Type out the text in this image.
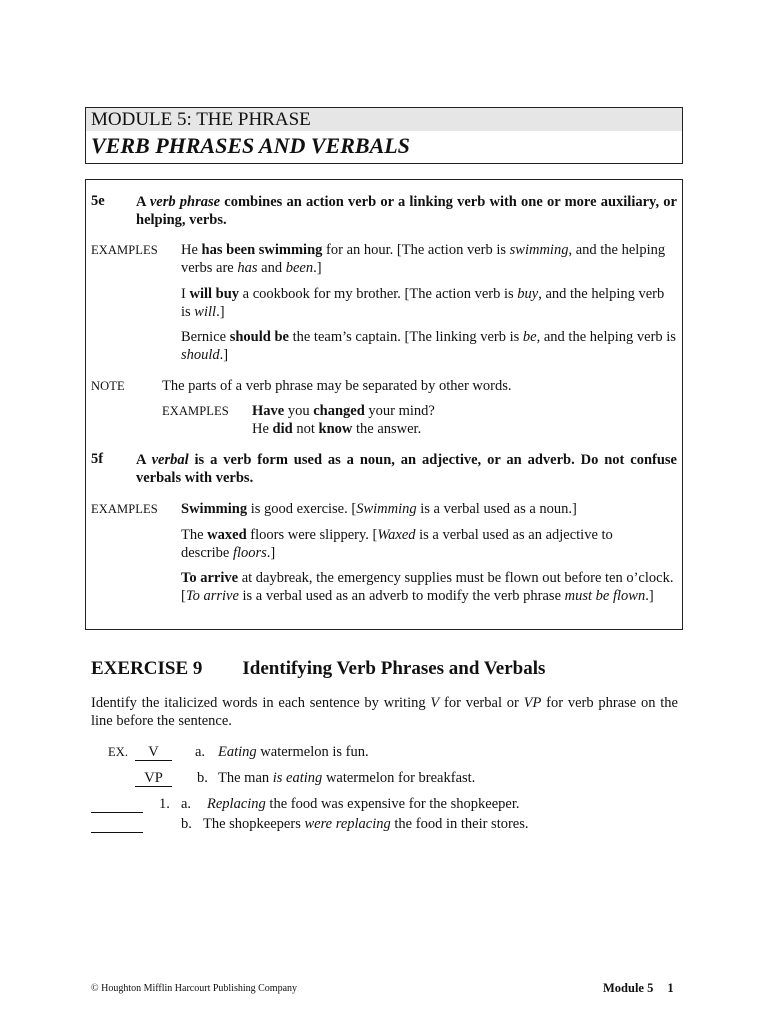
MODULE 5: THE PHRASE
VERB PHRASES AND VERBALS
5e A verb phrase combines an action verb or a linking verb with one or more auxiliary, or helping, verbs.
EXAMPLES He has been swimming for an hour. [The action verb is swimming, and the helping verbs are has and been.]
I will buy a cookbook for my brother. [The action verb is buy, and the helping verb is will.]
Bernice should be the team’s captain. [The linking verb is be, and the helping verb is should.]
NOTE	The parts of a verb phrase may be separated by other words.
EXAMPLES Have you changed your mind?
He did not know the answer.
5f A verbal is a verb form used as a noun, an adjective, or an adverb. Do not confuse verbals with verbs.
EXAMPLES Swimming is good exercise. [Swimming is a verbal used as a noun.]
The waxed floors were slippery. [Waxed is a verbal used as an adjective to describe floors.]
To arrive at daybreak, the emergency supplies must be flown out before ten o’clock. [To arrive is a verbal used as an adverb to modify the verb phrase must be flown.]
EXERCISE 9 Identifying Verb Phrases and Verbals
Identify the italicized words in each sentence by writing V for verbal or VP for verb phrase on the line before the sentence.
EX.	V	a. Eating watermelon is fun.
VP	b. The man is eating watermelon for breakfast.

1. a. Replacing the food was expensive for the shopkeeper.

b. The shopkeepers were replacing the food in their stores.
© Houghton Mifflin Harcourt Publishing Company	Module 5 1
